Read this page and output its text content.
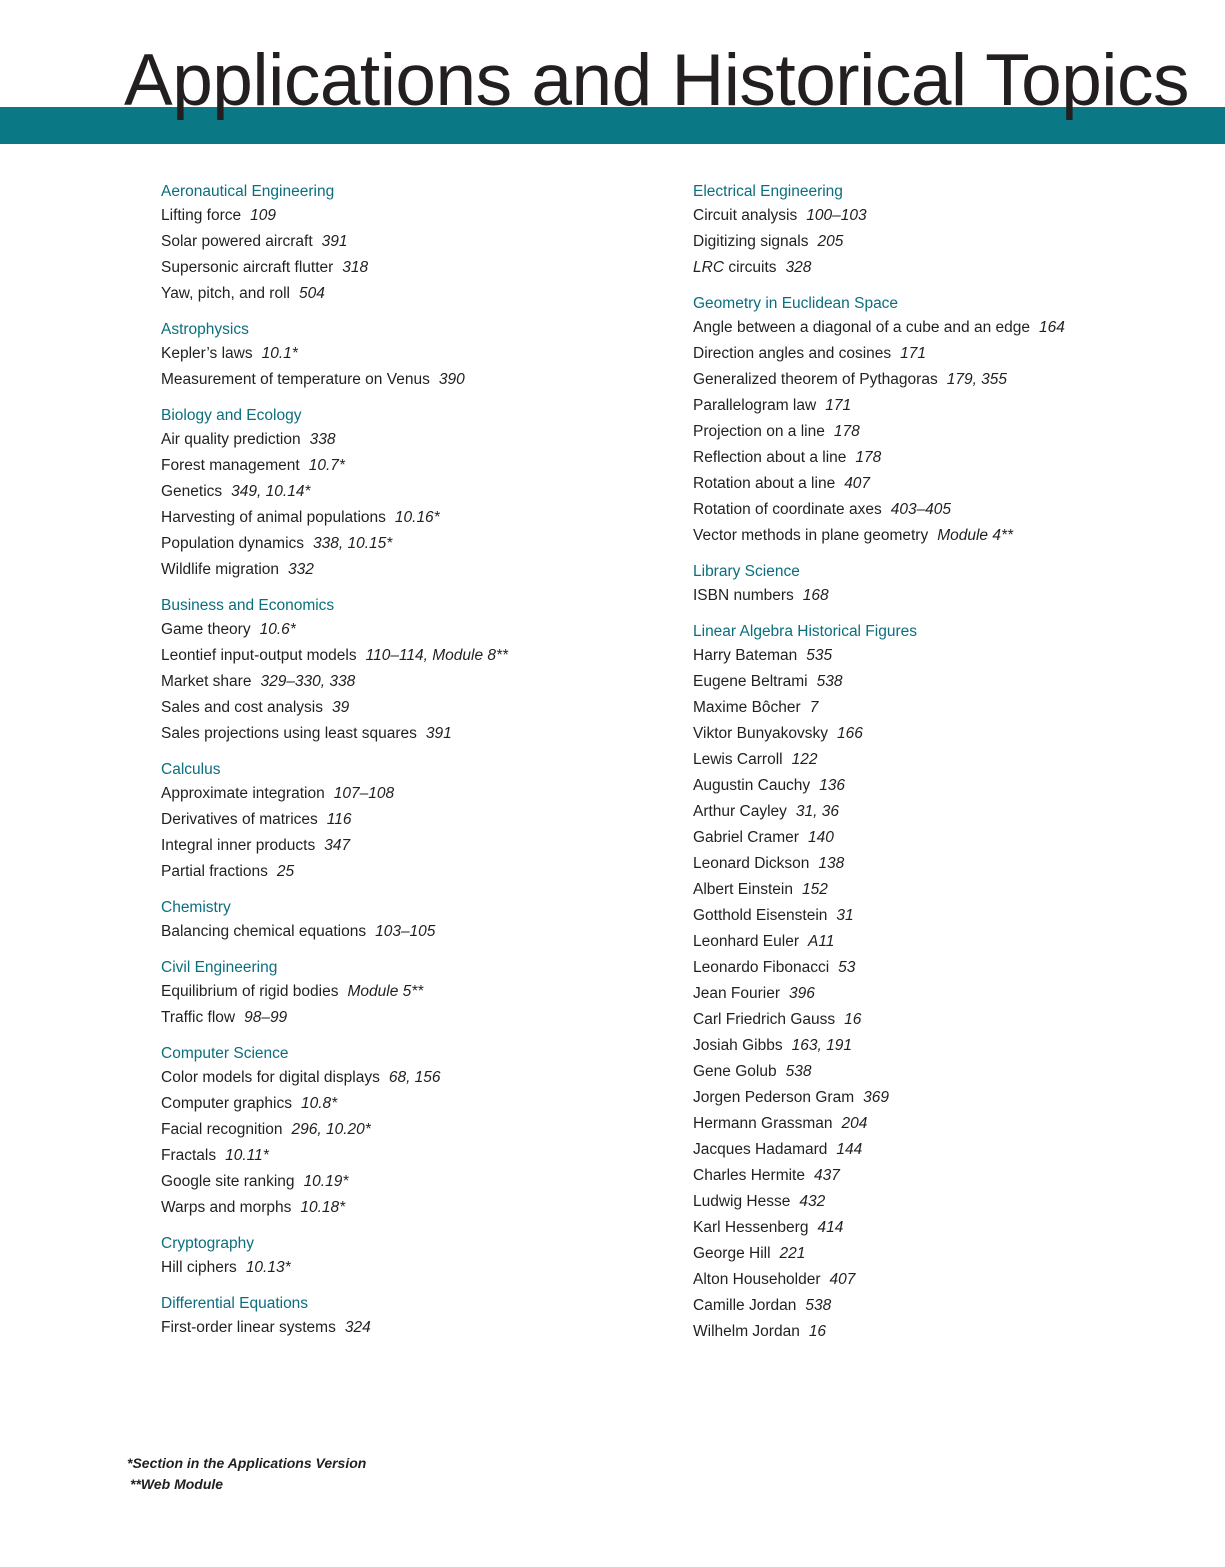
Applications and Historical Topics
Aeronautical Engineering
Lifting force 109
Solar powered aircraft 391
Supersonic aircraft flutter 318
Yaw, pitch, and roll 504
Astrophysics
Kepler’s laws 10.1*
Measurement of temperature on Venus 390
Biology and Ecology
Air quality prediction 338
Forest management 10.7*
Genetics 349, 10.14*
Harvesting of animal populations 10.16*
Population dynamics 338, 10.15*
Wildlife migration 332
Business and Economics
Game theory 10.6*
Leontief input-output models 110–114, Module 8**
Market share 329–330, 338
Sales and cost analysis 39
Sales projections using least squares 391
Calculus
Approximate integration 107–108
Derivatives of matrices 116
Integral inner products 347
Partial fractions 25
Chemistry
Balancing chemical equations 103–105
Civil Engineering
Equilibrium of rigid bodies Module 5**
Traffic flow 98–99
Computer Science
Color models for digital displays 68, 156
Computer graphics 10.8*
Facial recognition 296, 10.20*
Fractals 10.11*
Google site ranking 10.19*
Warps and morphs 10.18*
Cryptography
Hill ciphers 10.13*
Differential Equations
First-order linear systems 324
Electrical Engineering
Circuit analysis 100–103
Digitizing signals 205
LRC circuits 328
Geometry in Euclidean Space
Angle between a diagonal of a cube and an edge 164
Direction angles and cosines 171
Generalized theorem of Pythagoras 179, 355
Parallelogram law 171
Projection on a line 178
Reflection about a line 178
Rotation about a line 407
Rotation of coordinate axes 403–405
Vector methods in plane geometry Module 4**
Library Science
ISBN numbers 168
Linear Algebra Historical Figures
Harry Bateman 535
Eugene Beltrami 538
Maxime Bôcher 7
Viktor Bunyakovsky 166
Lewis Carroll 122
Augustin Cauchy 136
Arthur Cayley 31, 36
Gabriel Cramer 140
Leonard Dickson 138
Albert Einstein 152
Gotthold Eisenstein 31
Leonhard Euler A11
Leonardo Fibonacci 53
Jean Fourier 396
Carl Friedrich Gauss 16
Josiah Gibbs 163, 191
Gene Golub 538
Jorgen Pederson Gram 369
Hermann Grassman 204
Jacques Hadamard 144
Charles Hermite 437
Ludwig Hesse 432
Karl Hessenberg 414
George Hill 221
Alton Householder 407
Camille Jordan 538
Wilhelm Jordan 16
*Section in the Applications Version
**Web Module
